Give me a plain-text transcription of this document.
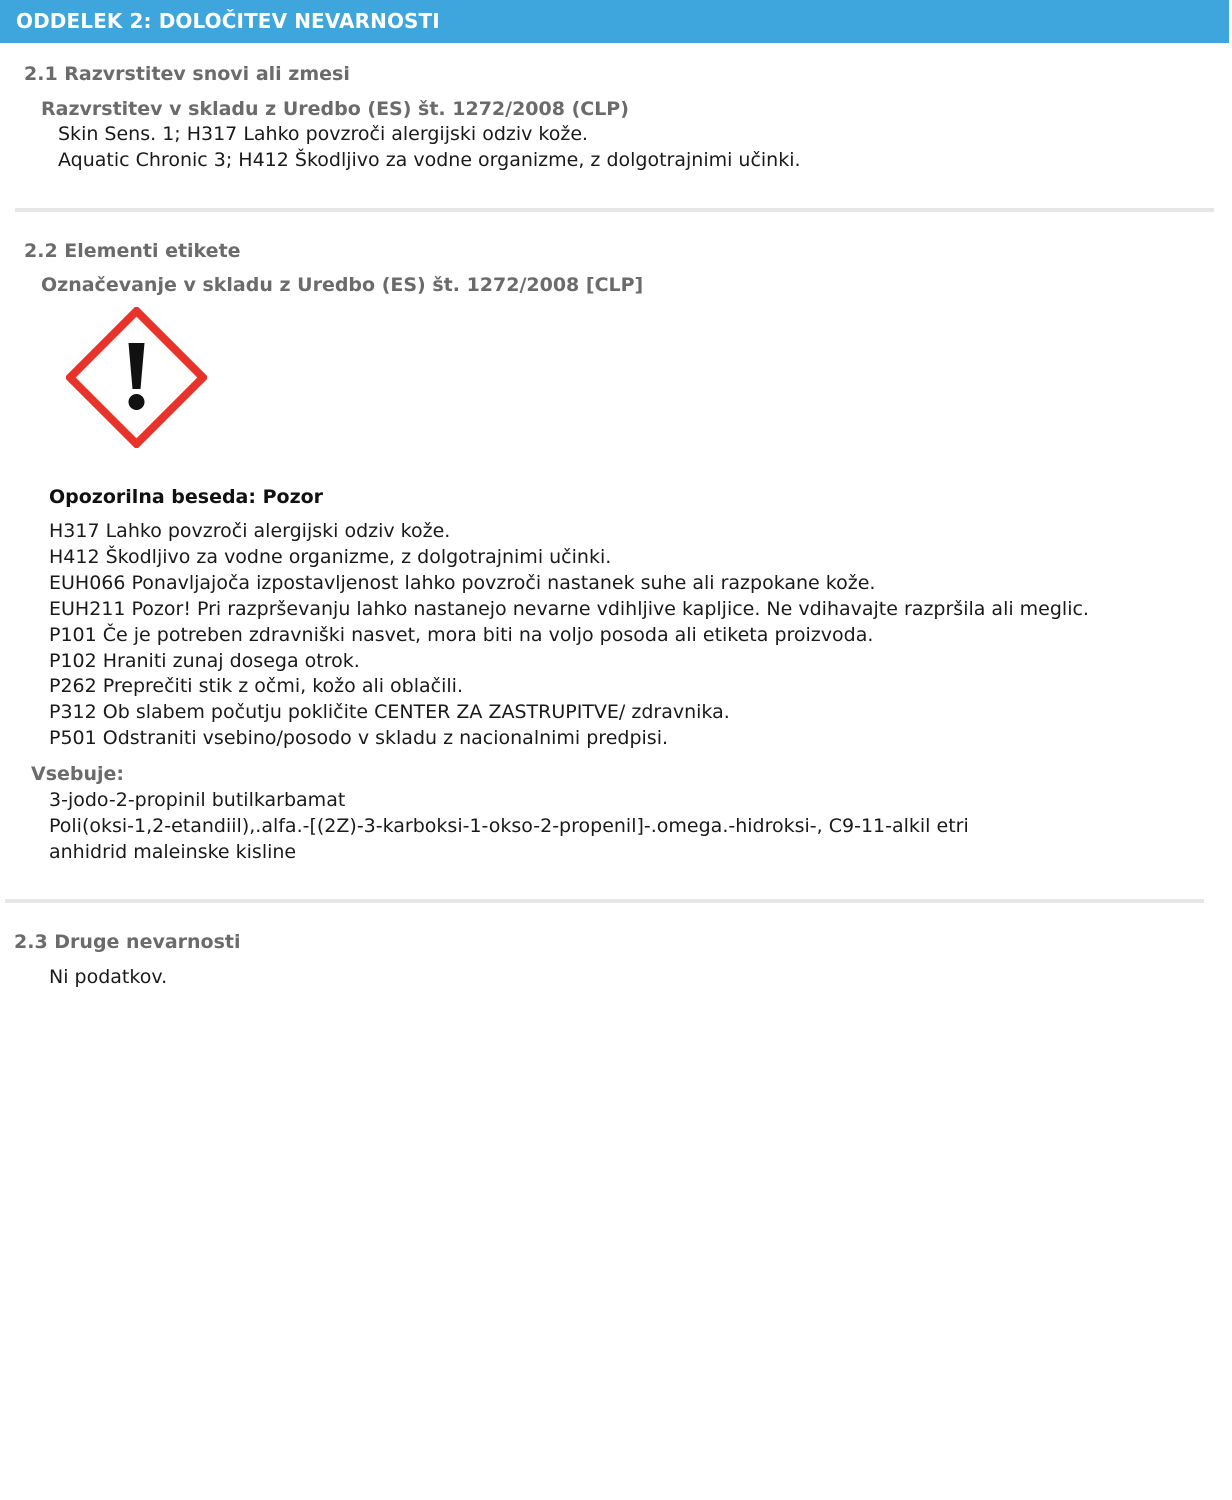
ODDELEK 2: DOLOČITEV NEVARNOSTI
2.1 Razvrstitev snovi ali zmesi
Razvrstitev v skladu z Uredbo (ES) št. 1272/2008 (CLP)
Skin Sens. 1; H317 Lahko povzroči alergijski odziv kože.
Aquatic Chronic 3; H412 Škodljivo za vodne organizme, z dolgotrajnimi učinki.
2.2 Elementi etikete
Označevanje v skladu z Uredbo (ES) št. 1272/2008 [CLP]
Opozorilna beseda: Pozor
H317 Lahko povzroči alergijski odziv kože.
H412 Škodljivo za vodne organizme, z dolgotrajnimi učinki.
EUH066 Ponavljajoča izpostavljenost lahko povzroči nastanek suhe ali razpokane kože.
EUH211 Pozor! Pri razprševanju lahko nastanejo nevarne vdihljive kapljice. Ne vdihavajte razpršila ali meglic.
P101 Če je potreben zdravniški nasvet, mora biti na voljo posoda ali etiketa proizvoda.
P102 Hraniti zunaj dosega otrok.
P262 Preprečiti stik z očmi, kožo ali oblačili.
P312 Ob slabem počutju pokličite CENTER ZA ZASTRUPITVE/ zdravnika.
P501 Odstraniti vsebino/posodo v skladu z nacionalnimi predpisi.
Vsebuje:
3-jodo-2-propinil butilkarbamat
Poli(oksi-1,2-etandiil),.alfa.-[(2Z)-3-karboksi-1-okso-2-propenil]-.omega.-hidroksi-, C9-11-alkil etri
anhidrid maleinske kisline
2.3 Druge nevarnosti
Ni podatkov.
